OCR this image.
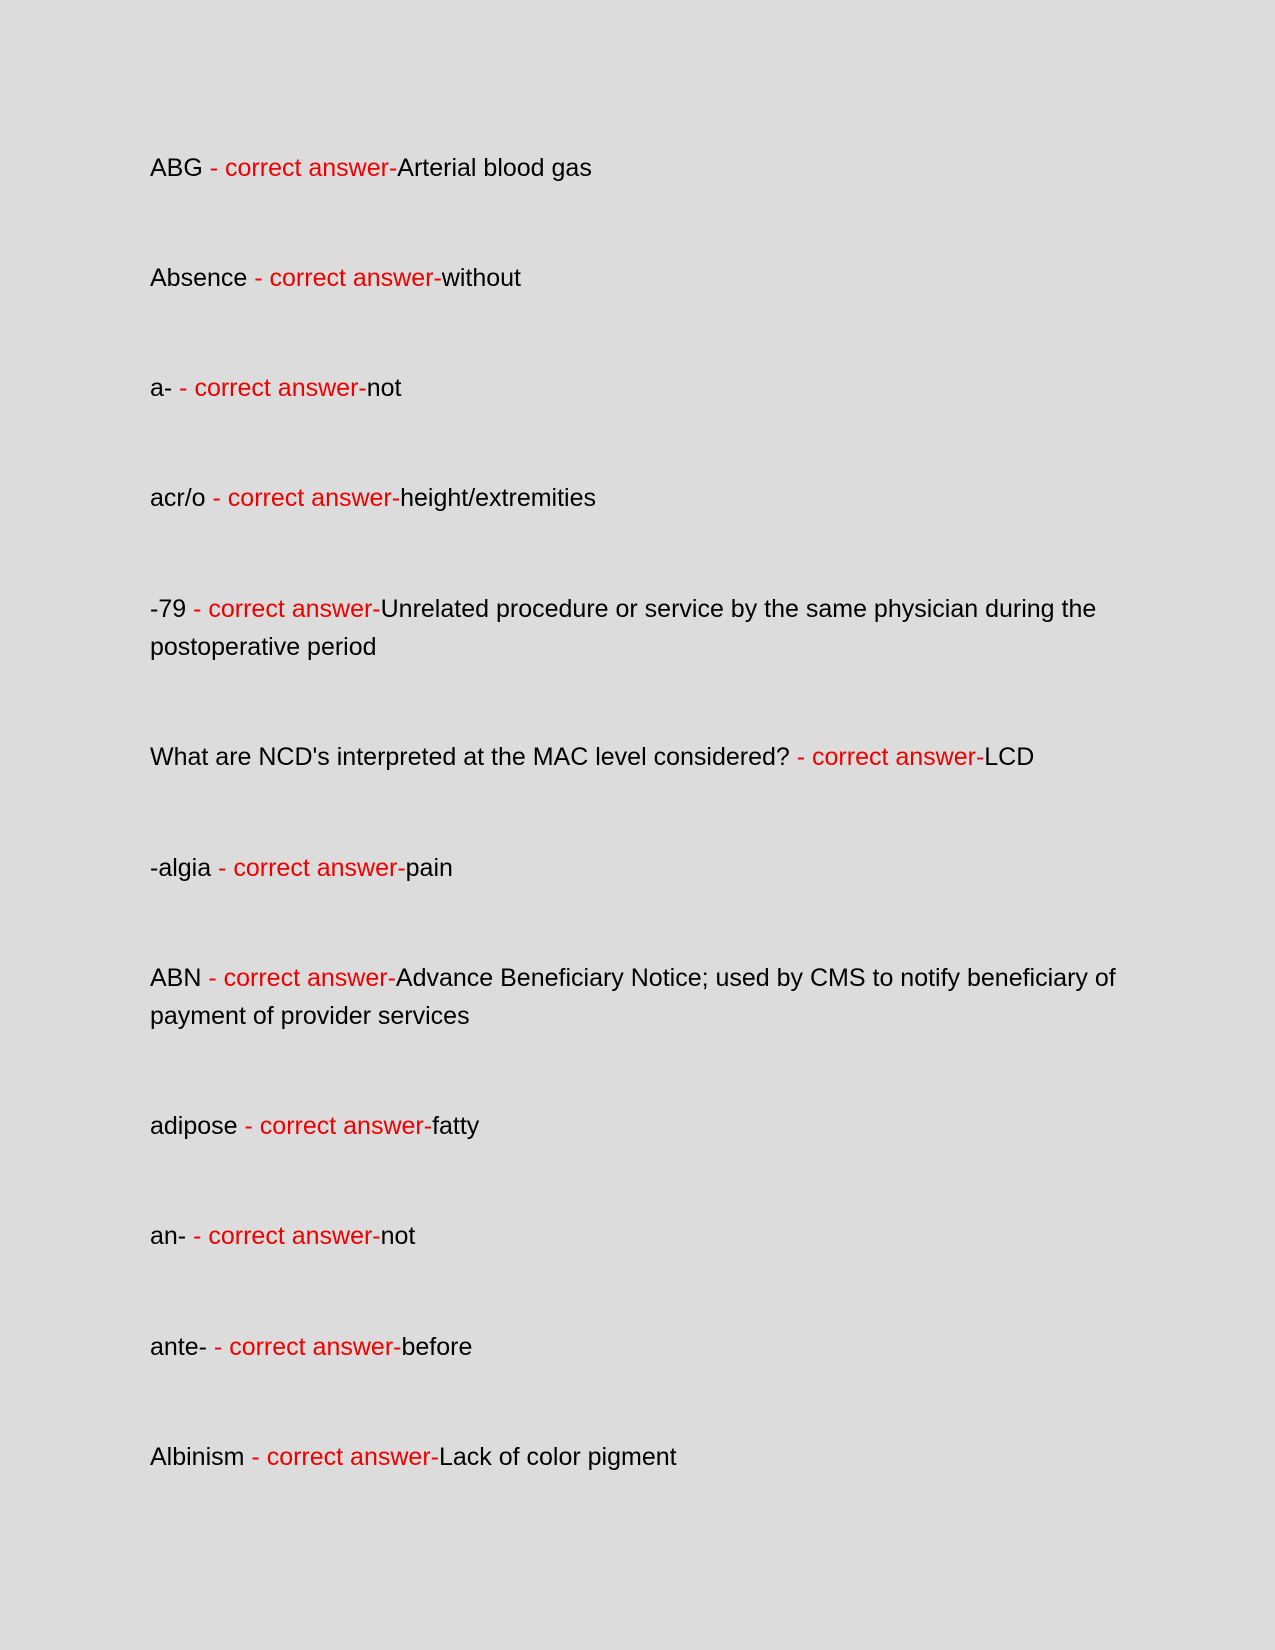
ABG - correct answer-Arterial blood gas
Absence - correct answer-without
a- - correct answer-not
acr/o - correct answer-height/extremities
-79 - correct answer-Unrelated procedure or service by the same physician during the postoperative period
What are NCD's interpreted at the MAC level considered? - correct answer-LCD
-algia - correct answer-pain
ABN - correct answer-Advance Beneficiary Notice; used by CMS to notify beneficiary of payment of provider services
adipose - correct answer-fatty
an- - correct answer-not
ante- - correct answer-before
Albinism - correct answer-Lack of color pigment
